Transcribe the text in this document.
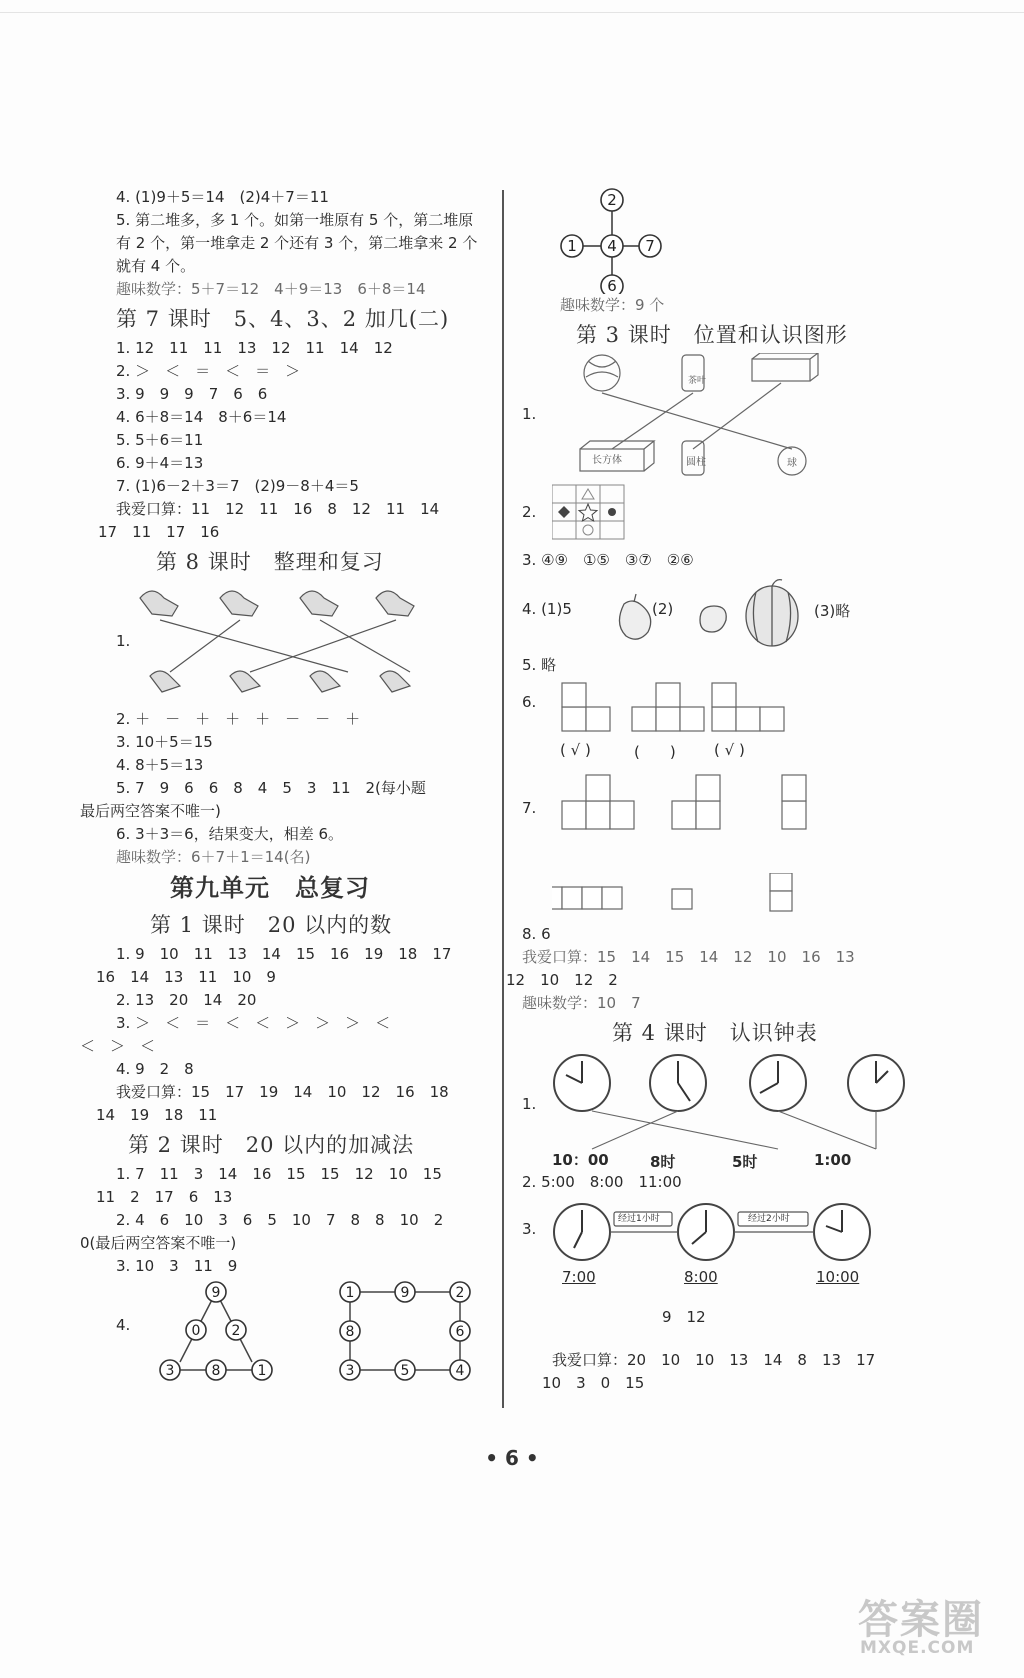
4. (1)9＋5＝14　(2)4＋7＝11
5. 第二堆多，多 1 个。如第一堆原有 5 个，第二堆原有 2 个，第一堆拿走 2 个还有 3 个，第二堆拿来 2 个就有 4 个。
趣味数学：5＋7＝12　4＋9＝13　6＋8＝14
第 7 课时　5、4、3、2 加几(二)
1. 12　11　11　13　12　11　14　12
2. ＞　＜　＝　＜　＝　＞
3. 9　9　9　7　6　6
4. 6＋8＝14　8＋6＝14
5. 5＋6＝11
6. 9＋4＝13
7. (1)6－2＋3＝7　(2)9－8＋4＝5
我爱口算：11　12　11　16　8　12　11　14
17　11　17　16
第 8 课时　整理和复习
1.
2. ＋　－　＋　＋　＋　－　－　＋
3. 10＋5＝15
4. 8＋5＝13
5. 7　9　6　6　8　4　5　3　11　2(每小题
最后两空答案不唯一)
6. 3＋3＝6，结果变大，相差 6。
趣味数学：6＋7＋1＝14(名)
第九单元　总复习
第 1 课时　20 以内的数
1. 9　10　11　13　14　15　16　19　18　17
16　14　13　11　10　9
2. 13　20　14　20
3. ＞　＜　＝　＜　＜　＞　＞　＞　＜
＜　＞　＜
4. 9　2　8
我爱口算：15　17　19　14　10　12　16　18
14　19　18　11
第 2 课时　20 以内的加减法
1. 7　11　3　14　16　15　15　12　10　15
11　2　17　6　13
2. 4　6　10　3　6　5　10　7　8　8　10　2
0(最后两空答案不唯一)
3. 10　3　11　9
4.
9
0 2
3	8	1
1	9	2
8	6
3	5	4
2
1 4 7
6
趣味数学：9 个
第 3 课时　位置和认识图形
茶叶
长方体	圆柱	球
1.
2.
3. ④⑨　①⑤　③⑦　②⑥
4. (1)5	(2)	(3)略
5. 略
6.
( √ )	(　　)	( √ )
7.
8. 6
我爱口算：15　14　15　14　12　10　16　13
12　10　12　2
趣味数学：10　7
第 4 课时　认识钟表
1.
10：00	8时	5时	1:00
2. 5:00　8:00　11:00
3.
经过1小时	经过2小时
7:00	8:00	10:00
9　12
我爱口算：20　10　10　13　14　8　13　17
10　3　0　15
• 6 •
答案圈
MXQE.COM
